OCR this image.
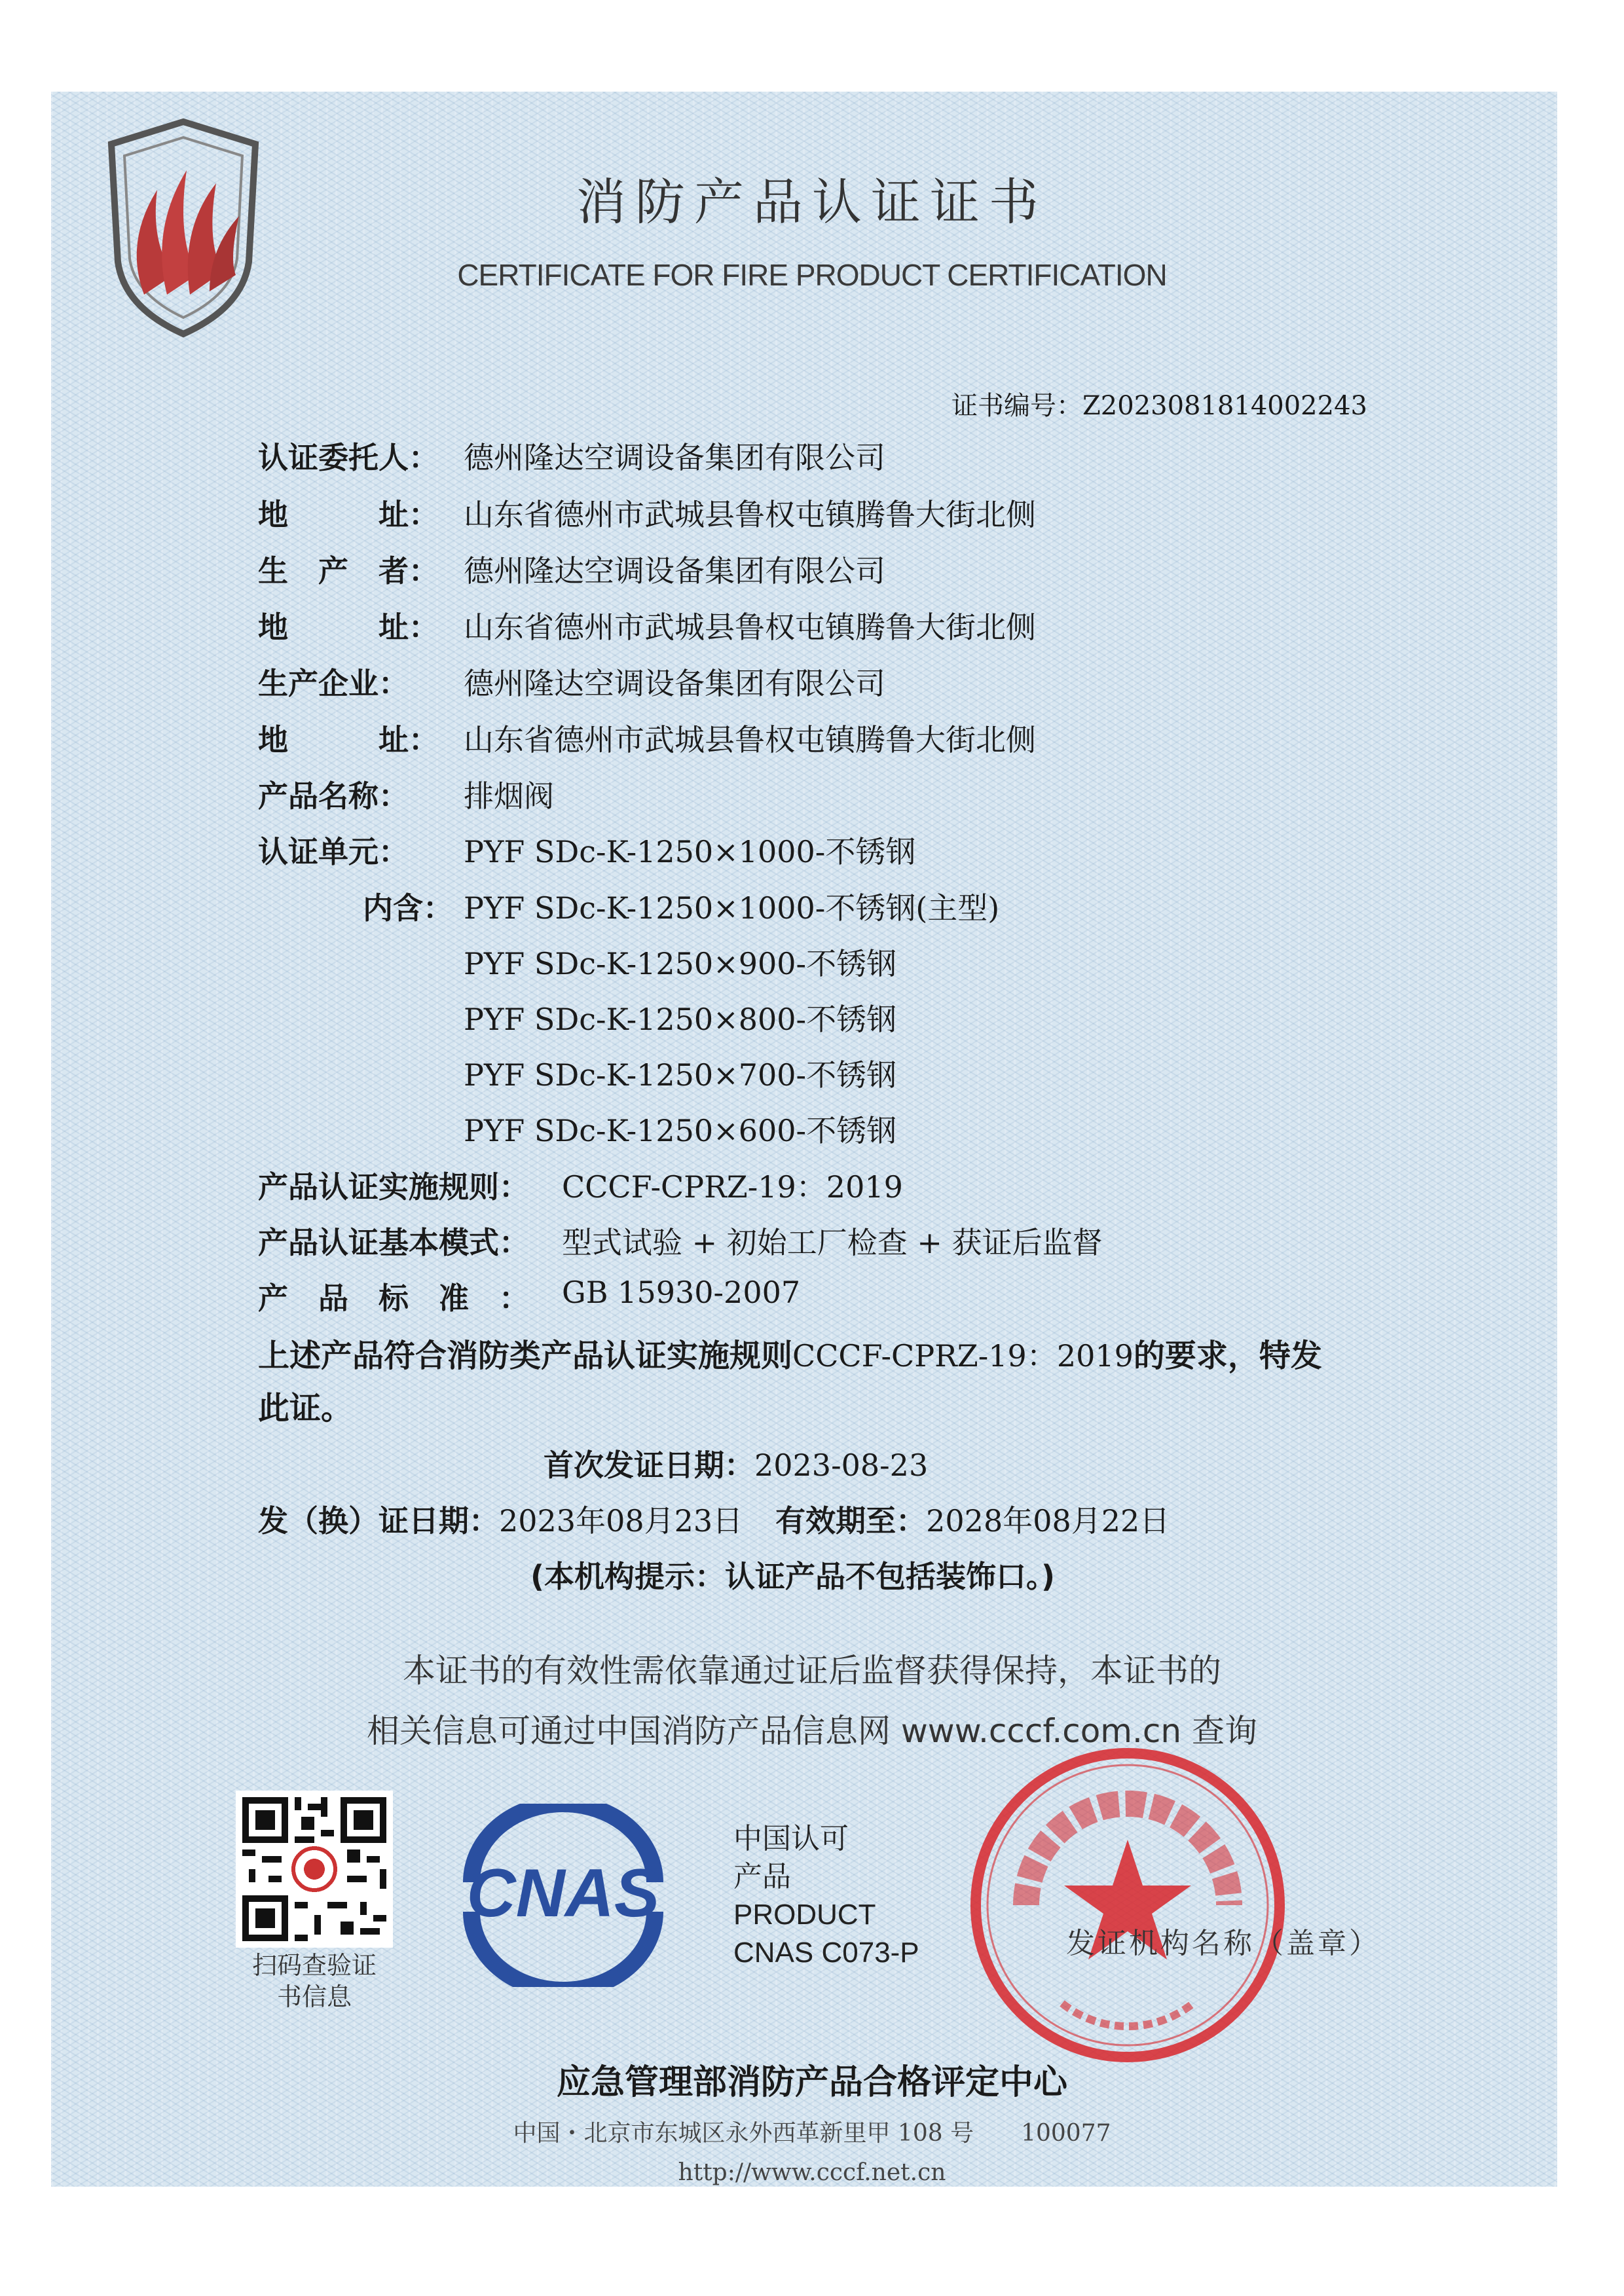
消防产品认证证书
CERTIFICATE FOR FIRE PRODUCT CERTIFICATION
证书编号：Z2023081814002243
认证委托人： 德州隆达空调设备集团有限公司
地　　　址： 山东省德州市武城县鲁权屯镇腾鲁大街北侧
生　产　者： 德州隆达空调设备集团有限公司
地　　　址： 山东省德州市武城县鲁权屯镇腾鲁大街北侧
生产企业： 德州隆达空调设备集团有限公司
地　　　址： 山东省德州市武城县鲁权屯镇腾鲁大街北侧
产品名称： 排烟阀
认证单元： PYF SDc-K-1250×1000-不锈钢
内含： PYF SDc-K-1250×1000-不锈钢(主型)
PYF SDc-K-1250×900-不锈钢
PYF SDc-K-1250×800-不锈钢
PYF SDc-K-1250×700-不锈钢
PYF SDc-K-1250×600-不锈钢
产品认证实施规则： CCCF-CPRZ-19：2019
产品认证基本模式： 型式试验 + 初始工厂检查 + 获证后监督
产　品　标　准　： GB 15930-2007
上述产品符合消防类产品认证实施规则CCCF-CPRZ-19：2019的要求，特发
此证。
首次发证日期：2023-08-23
发（换）证日期：2023年08月23日 有效期至：2028年08月22日
(本机构提示：认证产品不包括装饰口。)
本证书的有效性需依靠通过证后监督获得保持，本证书的
相关信息可通过中国消防产品信息网 www.cccf.com.cn 查询
扫码查验证书信息
CNAS
中国认可
产品
PRODUCT
CNAS C073-P	发证机构名称（盖章）
应急管理部消防产品合格评定中心
中国・北京市东城区永外西革新里甲 108 号　　100077
http://www.cccf.net.cn
